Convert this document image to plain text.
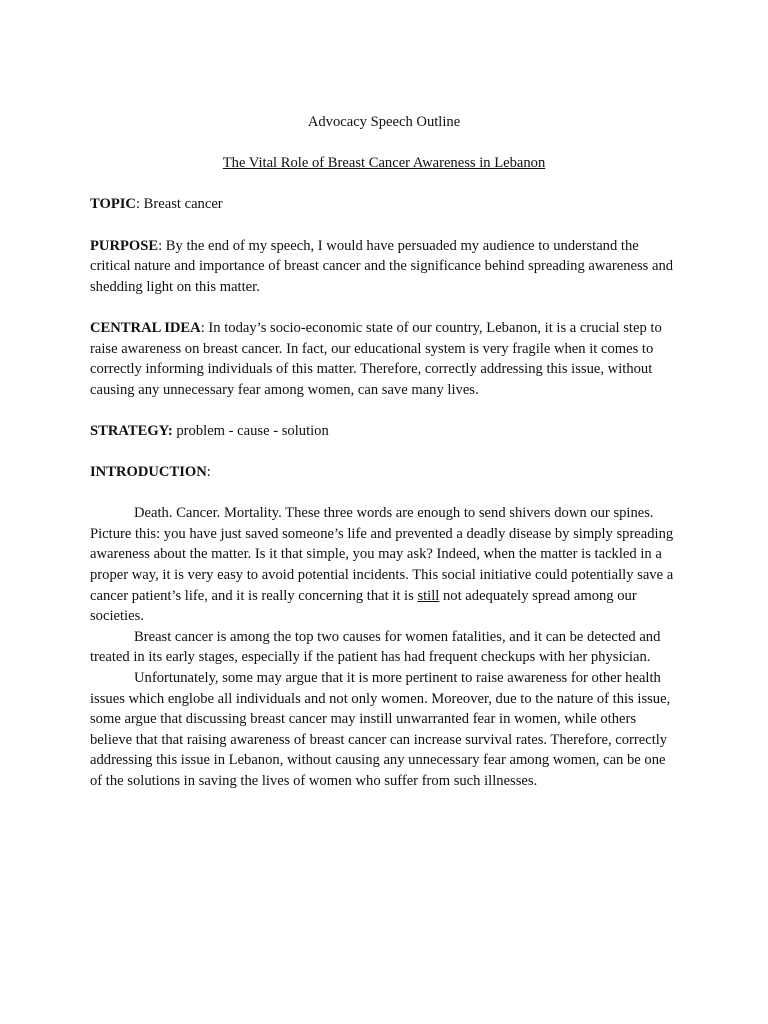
Advocacy Speech Outline

The Vital Role of Breast Cancer Awareness in Lebanon

TOPIC: Breast cancer

PURPOSE: By the end of my speech, I would have persuaded my audience to understand the critical nature and importance of breast cancer and the significance behind spreading awareness and shedding light on this matter.

CENTRAL IDEA: In today’s socio-economic state of our country, Lebanon, it is a crucial step to raise awareness on breast cancer. In fact, our educational system is very fragile when it comes to correctly informing individuals of this matter. Therefore, correctly addressing this issue, without causing any unnecessary fear among women, can save many lives.

STRATEGY: problem - cause - solution

INTRODUCTION:

Death. Cancer. Mortality. These three words are enough to send shivers down our spines. Picture this: you have just saved someone’s life and prevented a deadly disease by simply spreading awareness about the matter. Is it that simple, you may ask? Indeed, when the matter is tackled in a proper way, it is very easy to avoid potential incidents. This social initiative could potentially save a cancer patient’s life, and it is really concerning that it is still not adequately spread among our societies.

Breast cancer is among the top two causes for women fatalities, and it can be detected and treated in its early stages, especially if the patient has had frequent checkups with her physician.

Unfortunately, some may argue that it is more pertinent to raise awareness for other health issues which englobe all individuals and not only women. Moreover, due to the nature of this issue, some argue that discussing breast cancer may instill unwarranted fear in women, while others believe that that raising awareness of breast cancer can increase survival rates. Therefore, correctly addressing this issue in Lebanon, without causing any unnecessary fear among women, can be one of the solutions in saving the lives of women who suffer from such illnesses.
